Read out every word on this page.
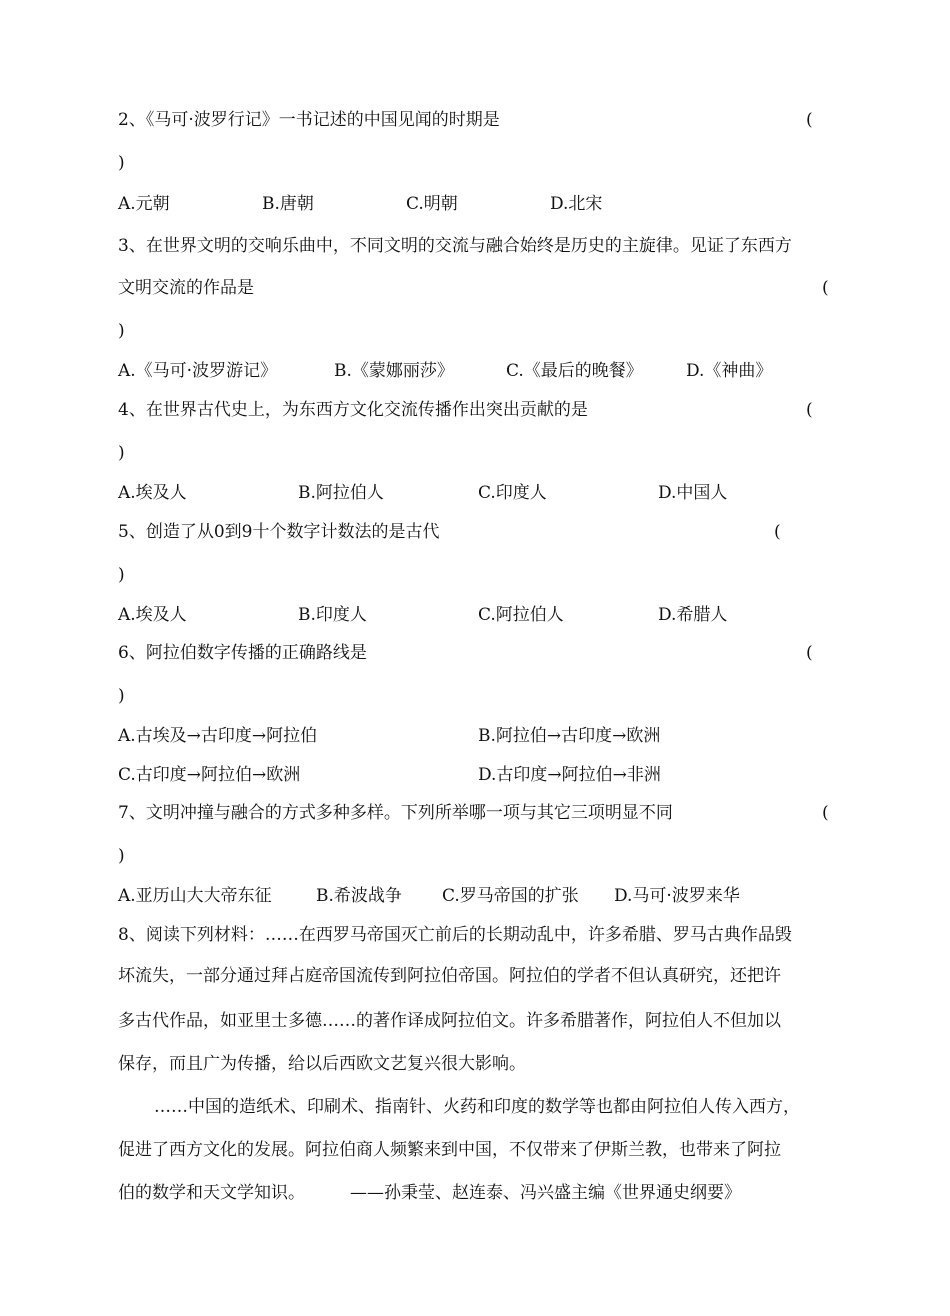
2、《马可·波罗行记》一书记述的中国见闻的时期是	(
)
A.元朝	B.唐朝	C.明朝	D.北宋
3、在世界文明的交响乐曲中，不同文明的交流与融合始终是历史的主旋律。见证了东西方
文明交流的作品是	(
)
A.《马可·波罗游记》	B.《蒙娜丽莎》	C.《最后的晚餐》	D.《神曲》
4、在世界古代史上，为东西方文化交流传播作出突出贡献的是	(
)
A.埃及人	B.阿拉伯人	C.印度人	D.中国人
5、创造了从0到9十个数字计数法的是古代	(
)
A.埃及人	B.印度人	C.阿拉伯人	D.希腊人
6、阿拉伯数字传播的正确路线是	(
)
A.古埃及→古印度→阿拉伯	B.阿拉伯→古印度→欧洲
C.古印度→阿拉伯→欧洲	D.古印度→阿拉伯→非洲
7、文明冲撞与融合的方式多种多样。下列所举哪一项与其它三项明显不同	(
)
A.亚历山大大帝东征	B.希波战争 C.罗马帝国的扩张 D.马可·波罗来华
8、阅读下列材料：……在西罗马帝国灭亡前后的长期动乱中，许多希腊、罗马古典作品毁
坏流失，一部分通过拜占庭帝国流传到阿拉伯帝国。阿拉伯的学者不但认真研究，还把许
多古代作品，如亚里士多德……的著作译成阿拉伯文。许多希腊著作，阿拉伯人不但加以
保存，而且广为传播，给以后西欧文艺复兴很大影响。
……中国的造纸术、印刷术、指南针、火药和印度的数学等也都由阿拉伯人传入西方，
促进了西方文化的发展。阿拉伯商人频繁来到中国，不仅带来了伊斯兰教，也带来了阿拉
伯的数学和天文学知识。	——孙秉莹、赵连泰、冯兴盛主编《世界通史纲要》
